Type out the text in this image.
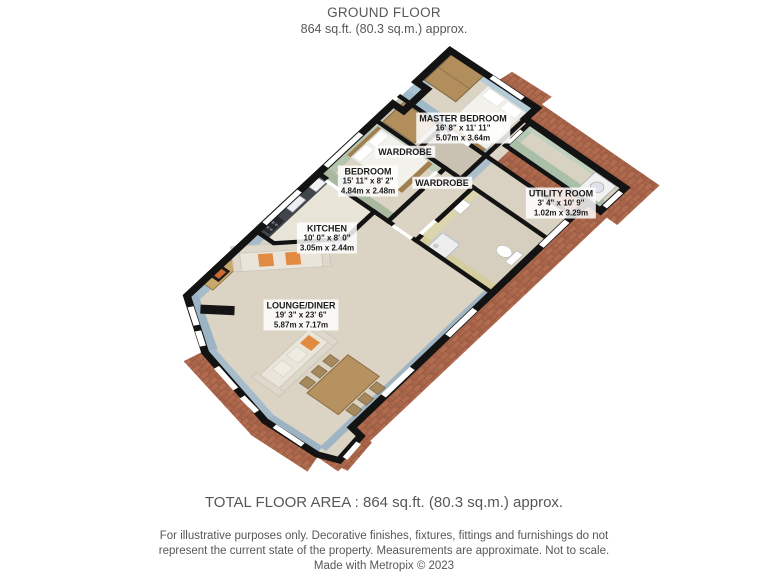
GROUND FLOOR
864 sq.ft. (80.3 sq.m.) approx.
MASTER BEDROOM
16' 8" x 11' 11"
5.07m x 3.64m
WARDROBE
BEDROOM
15' 11" x 8' 2"
4.84m x 2.48m
WARDROBE
UTILITY ROOM
3' 4" x 10' 9"
1.02m x 3.29m
KITCHEN
10' 0" x 8' 0"
3.05m x 2.44m
LOUNGE/DINER
19' 3" x 23' 6"
5.87m x 7.17m
TOTAL FLOOR AREA : 864 sq.ft. (80.3 sq.m.) approx.
For illustrative purposes only. Decorative finishes, fixtures, fittings and furnishings do not
represent the current state of the property. Measurements are approximate. Not to scale.
Made with Metropix © 2023
